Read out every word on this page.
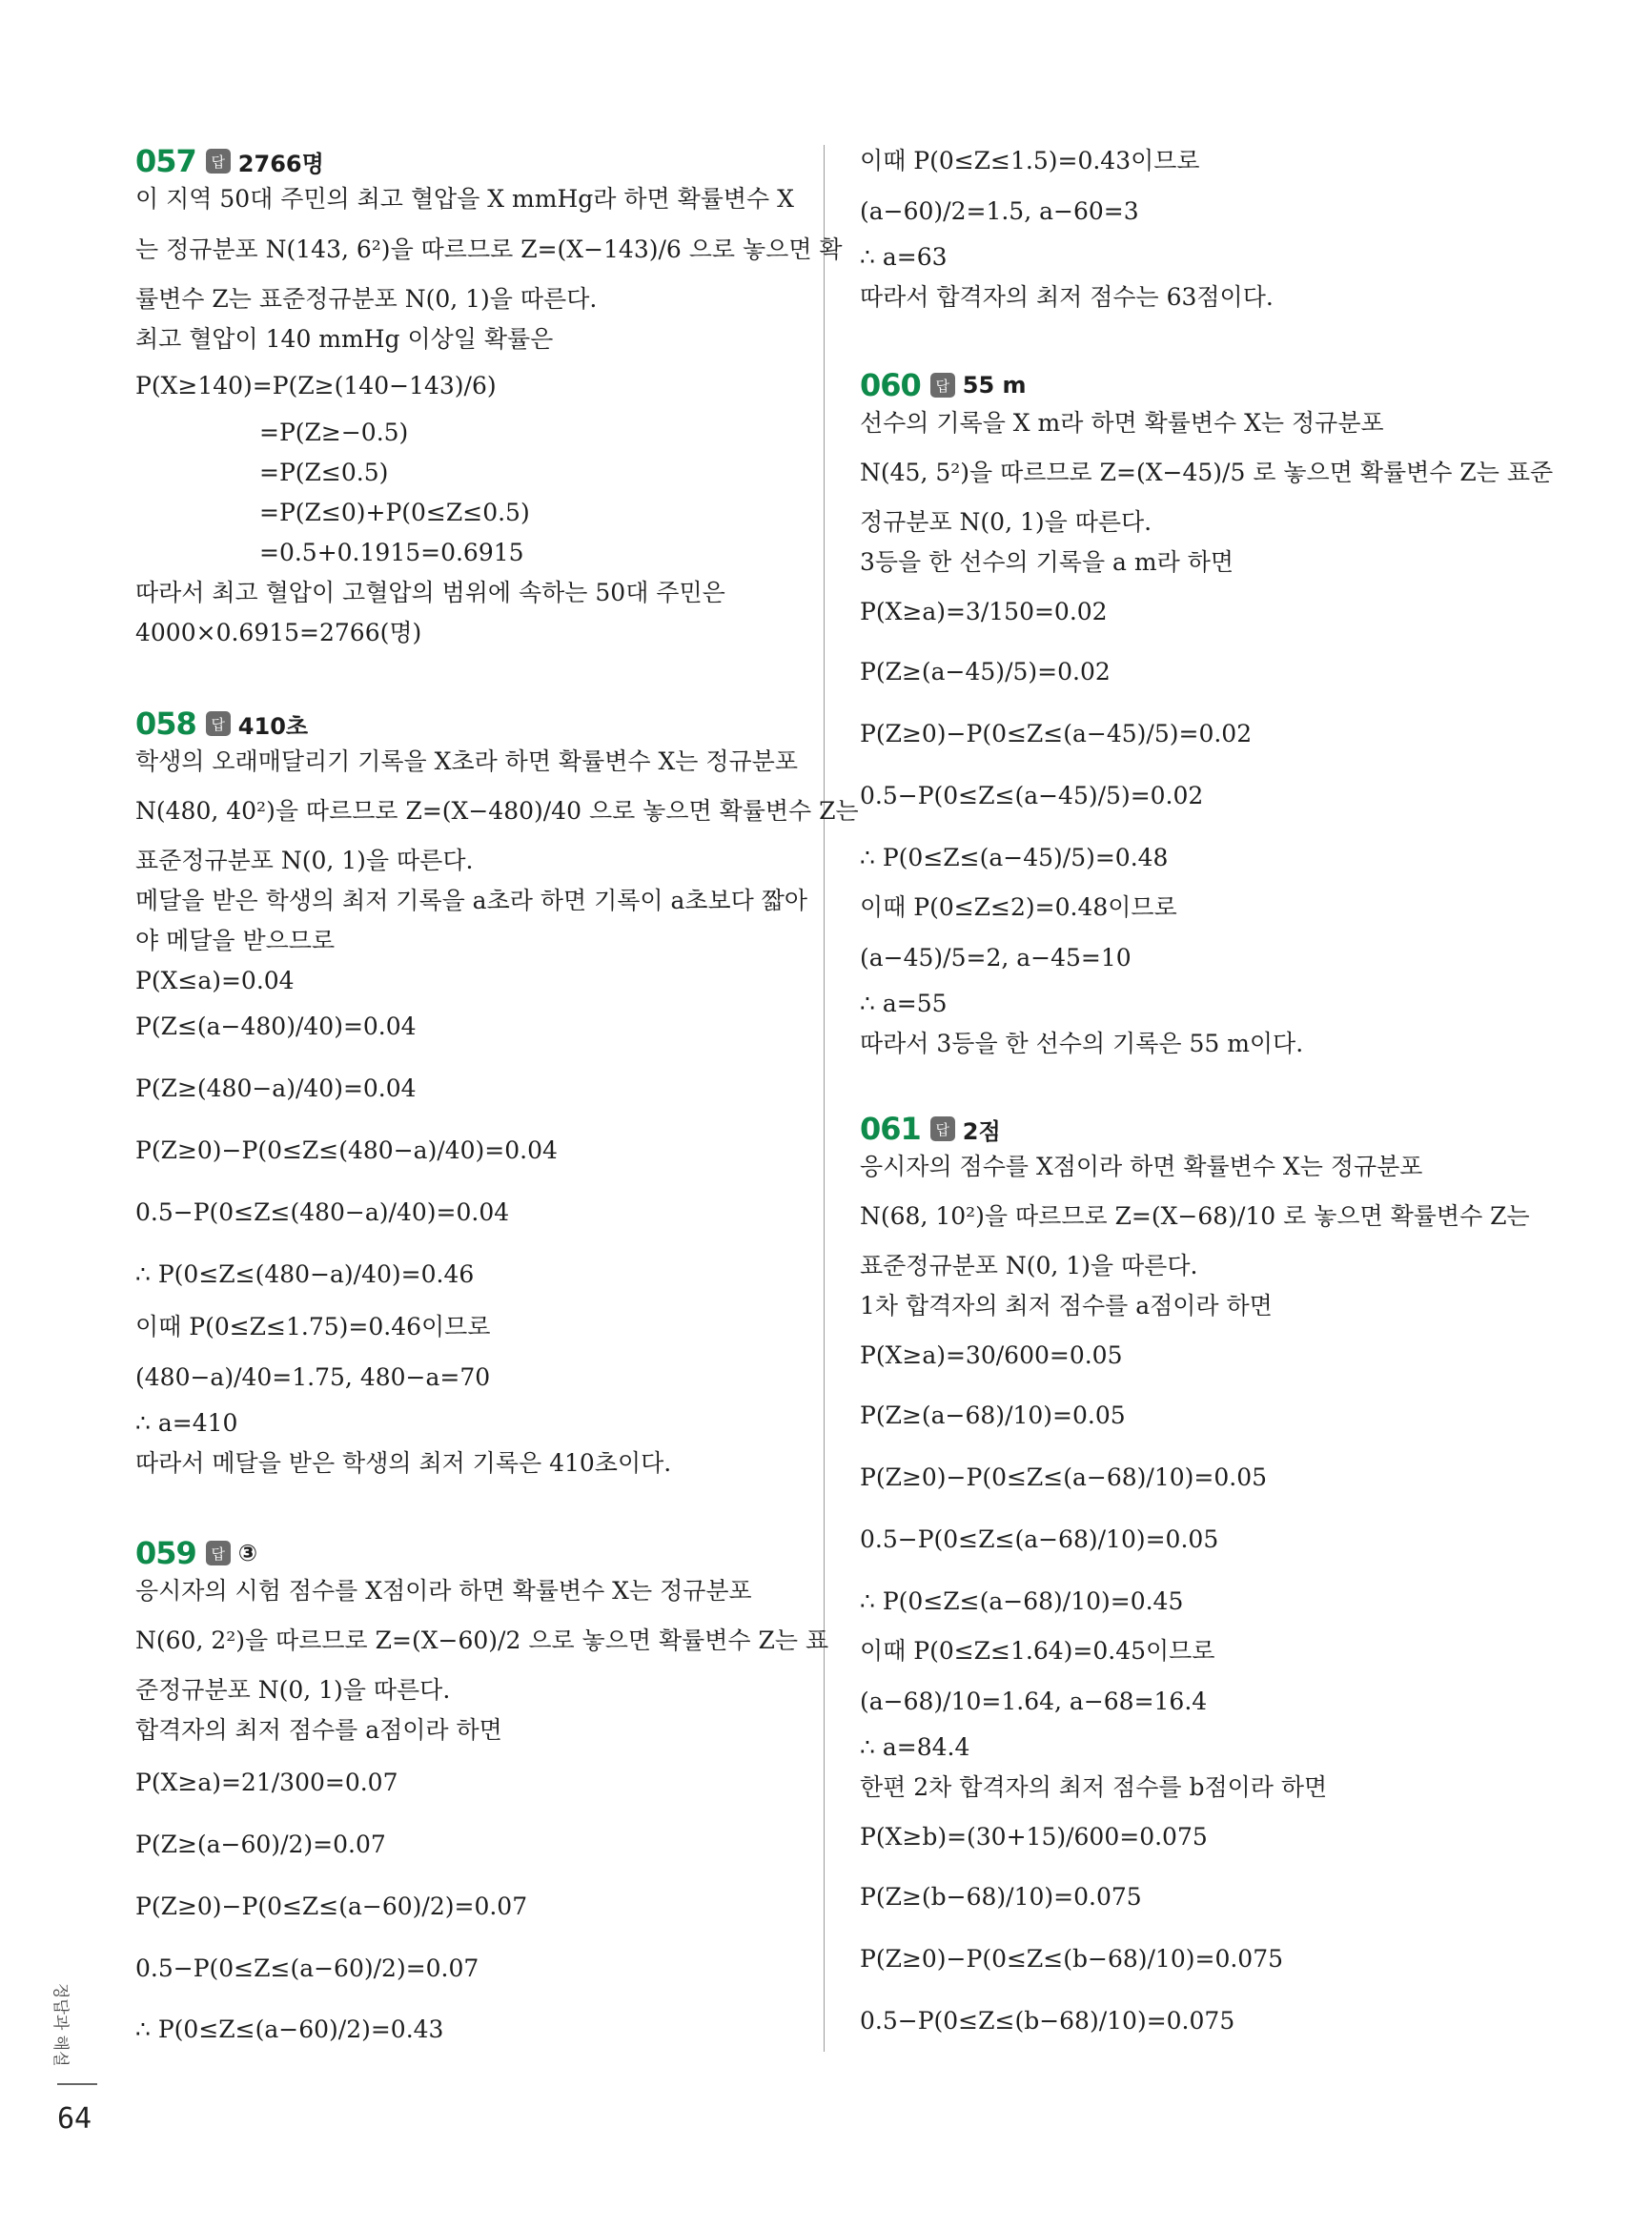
057	답 2766명
이 지역 50대 주민의 최고 혈압을 X mmHg라 하면 확률변수 X
는 정규분포 N(143, 6²)을 따르므로 Z=(X−143)/6 으로 놓으면 확
률변수 Z는 표준정규분포 N(0, 1)을 따른다.
최고 혈압이 140 mmHg 이상일 확률은
P(X≥140)=P(Z≥(140−143)/6)
=P(Z≥−0.5)
=P(Z≤0.5)
=P(Z≤0)+P(0≤Z≤0.5)
=0.5+0.1915=0.6915
따라서 최고 혈압이 고혈압의 범위에 속하는 50대 주민은
4000×0.6915=2766(명)
058	답 410초
학생의 오래매달리기 기록을 X초라 하면 확률변수 X는 정규분포
N(480, 40²)을 따르므로 Z=(X−480)/40 으로 놓으면 확률변수 Z는
표준정규분포 N(0, 1)을 따른다.
메달을 받은 학생의 최저 기록을 a초라 하면 기록이 a초보다 짧아
야 메달을 받으므로
P(X≤a)=0.04
P(Z≤(a−480)/40)=0.04
P(Z≥(480−a)/40)=0.04
P(Z≥0)−P(0≤Z≤(480−a)/40)=0.04
0.5−P(0≤Z≤(480−a)/40)=0.04
∴ P(0≤Z≤(480−a)/40)=0.46
이때 P(0≤Z≤1.75)=0.46이므로
(480−a)/40=1.75, 480−a=70
∴ a=410
따라서 메달을 받은 학생의 최저 기록은 410초이다.
059	답 ③
응시자의 시험 점수를 X점이라 하면 확률변수 X는 정규분포
N(60, 2²)을 따르므로 Z=(X−60)/2 으로 놓으면 확률변수 Z는 표
준정규분포 N(0, 1)을 따른다.
합격자의 최저 점수를 a점이라 하면
P(X≥a)=21/300=0.07
P(Z≥(a−60)/2)=0.07
P(Z≥0)−P(0≤Z≤(a−60)/2)=0.07
0.5−P(0≤Z≤(a−60)/2)=0.07
∴ P(0≤Z≤(a−60)/2)=0.43
이때 P(0≤Z≤1.5)=0.43이므로
(a−60)/2=1.5, a−60=3
∴ a=63
따라서 합격자의 최저 점수는 63점이다.
060	답 55 m
선수의 기록을 X m라 하면 확률변수 X는 정규분포
N(45, 5²)을 따르므로 Z=(X−45)/5 로 놓으면 확률변수 Z는 표준
정규분포 N(0, 1)을 따른다.
3등을 한 선수의 기록을 a m라 하면
P(X≥a)=3/150=0.02
P(Z≥(a−45)/5)=0.02
P(Z≥0)−P(0≤Z≤(a−45)/5)=0.02
0.5−P(0≤Z≤(a−45)/5)=0.02
∴ P(0≤Z≤(a−45)/5)=0.48
이때 P(0≤Z≤2)=0.48이므로
(a−45)/5=2, a−45=10
∴ a=55
따라서 3등을 한 선수의 기록은 55 m이다.
061	답 2점
응시자의 점수를 X점이라 하면 확률변수 X는 정규분포
N(68, 10²)을 따르므로 Z=(X−68)/10 로 놓으면 확률변수 Z는
표준정규분포 N(0, 1)을 따른다.
1차 합격자의 최저 점수를 a점이라 하면
P(X≥a)=30/600=0.05
P(Z≥(a−68)/10)=0.05
P(Z≥0)−P(0≤Z≤(a−68)/10)=0.05
0.5−P(0≤Z≤(a−68)/10)=0.05
∴ P(0≤Z≤(a−68)/10)=0.45
이때 P(0≤Z≤1.64)=0.45이므로
(a−68)/10=1.64, a−68=16.4
∴ a=84.4
한편 2차 합격자의 최저 점수를 b점이라 하면
P(X≥b)=(30+15)/600=0.075
P(Z≥(b−68)/10)=0.075
P(Z≥0)−P(0≤Z≤(b−68)/10)=0.075
0.5−P(0≤Z≤(b−68)/10)=0.075
정답과 해설
64
